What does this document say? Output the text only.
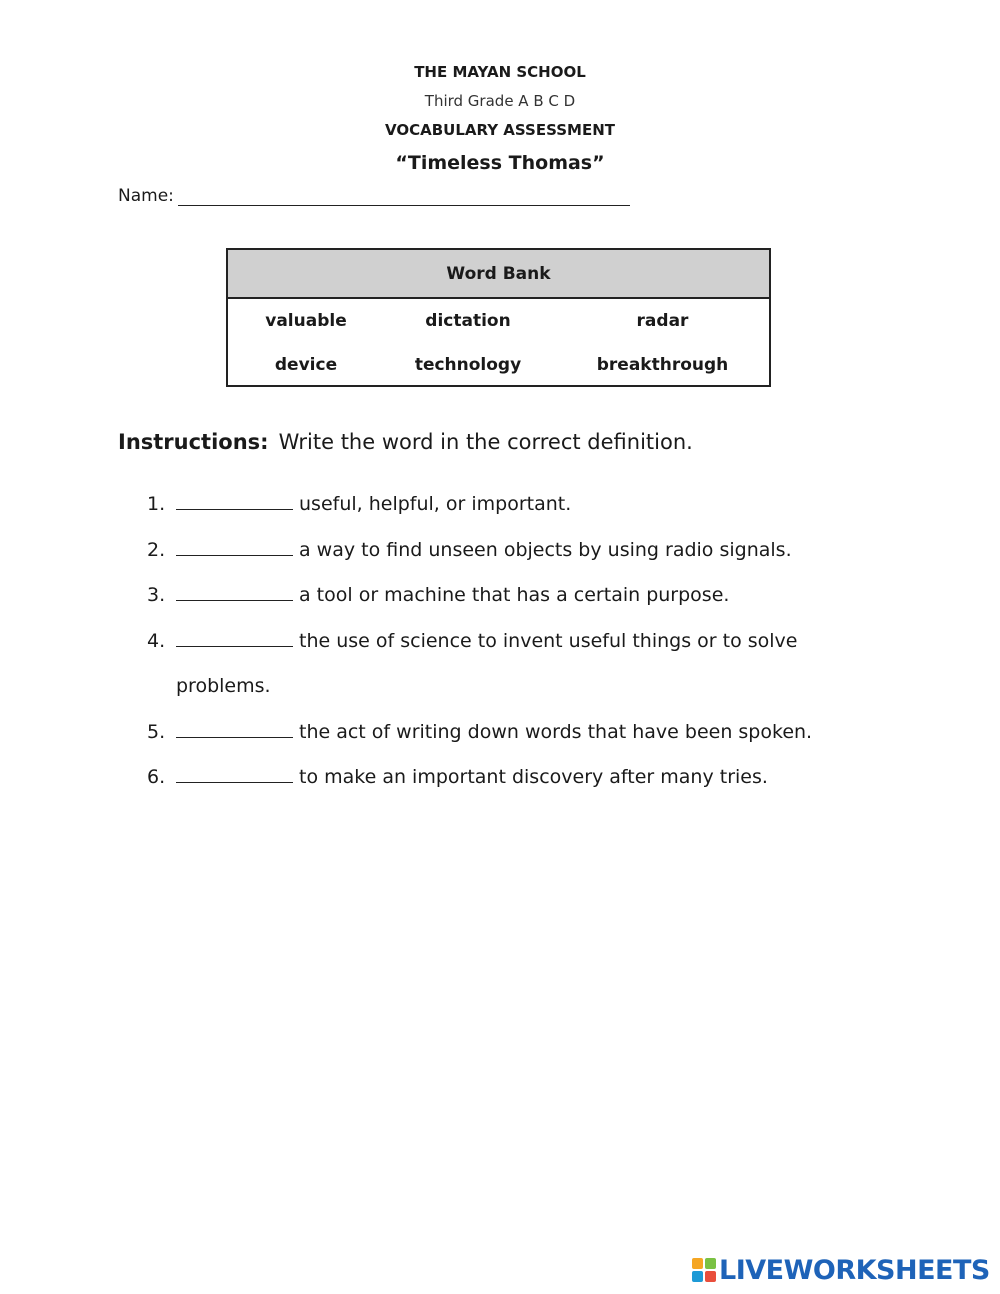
THE MAYAN SCHOOL
Third Grade A B C D
VOCABULARY ASSESSMENT
“Timeless Thomas”
Name:
Word Bank
valuable	dictation	radar
device	technology	breakthrough
Instructions: Write the word in the correct definition.
1.	useful, helpful, or important.
2.	a way to find unseen objects by using radio signals.
3.	a tool or machine that has a certain purpose.
4.	the use of science to invent useful things or to solve
problems.
5.	the act of writing down words that have been spoken.
6.	to make an important discovery after many tries.
LIVEWORKSHEETS
